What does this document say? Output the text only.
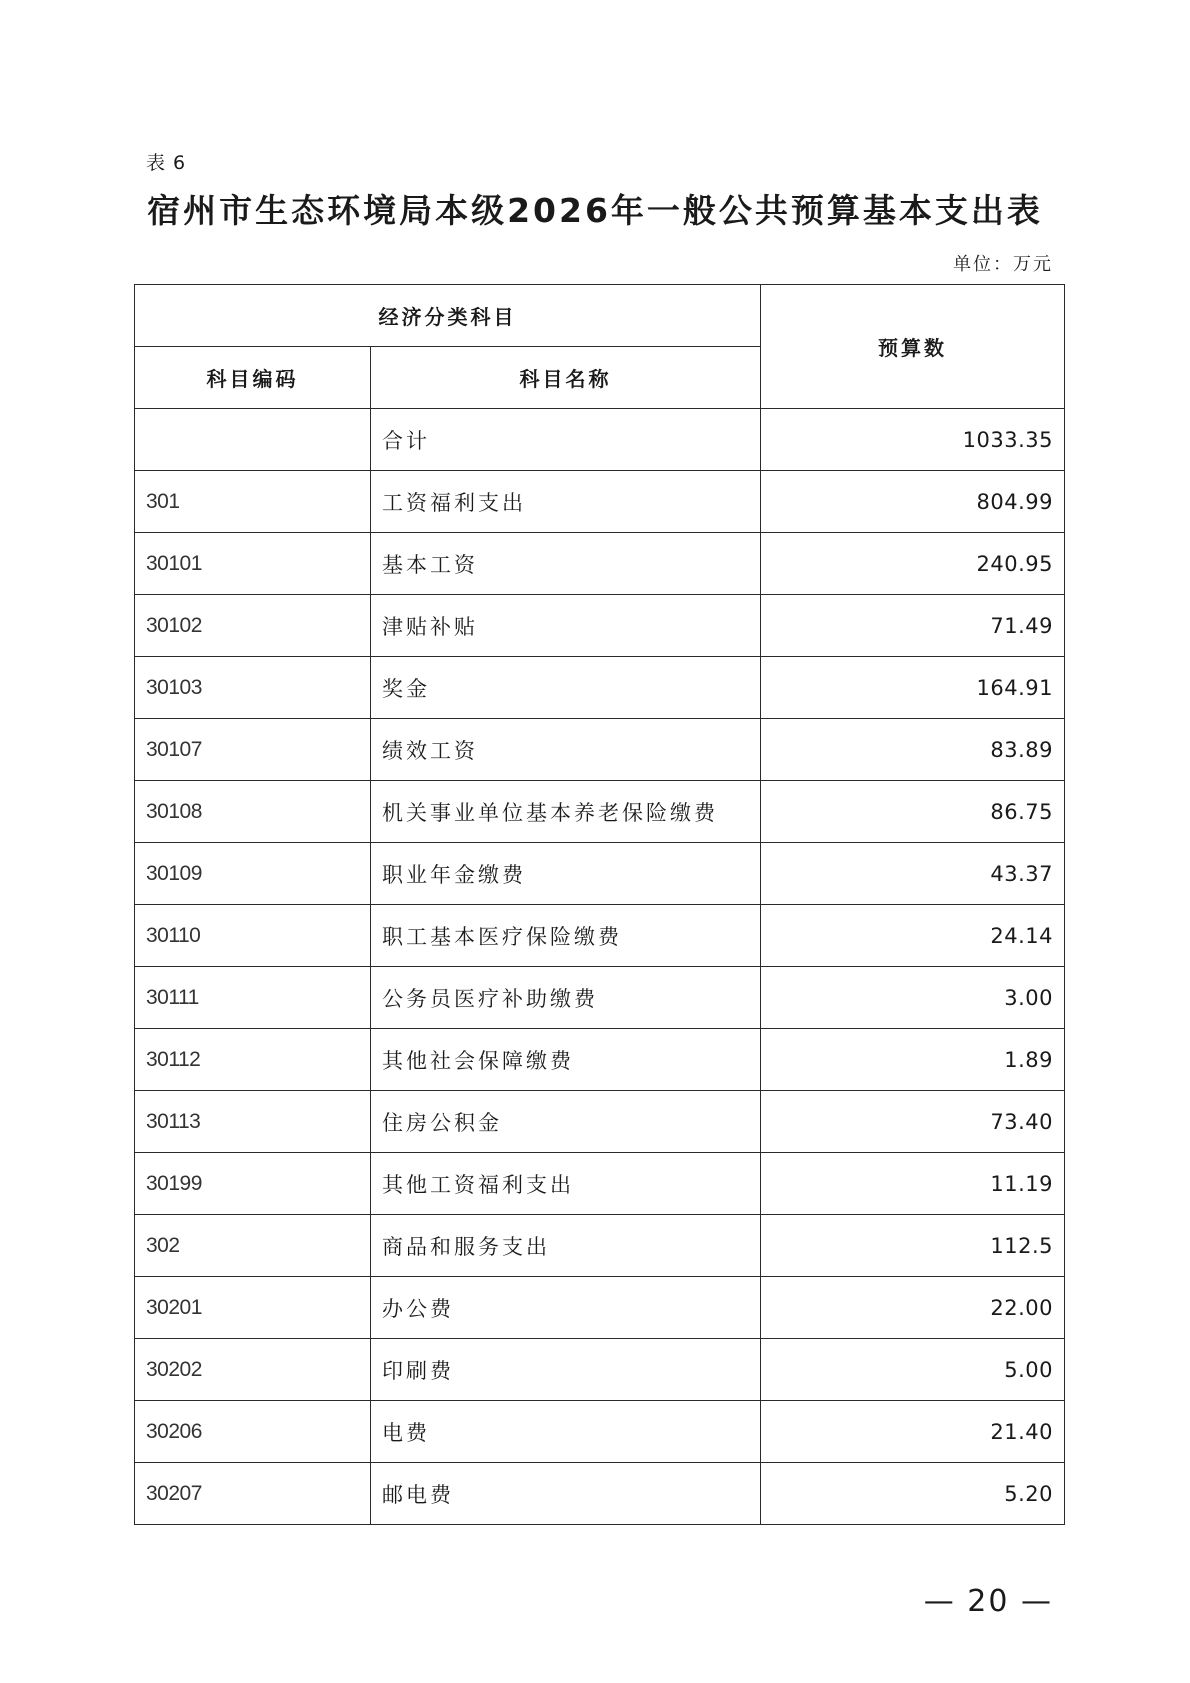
表 6
宿州市生态环境局本级2026年一般公共预算基本支出表
单位：万元
经济分类科目		预算数
科目编码	科目名称	
	合计	1033.35
301	工资福利支出	804.99
30101	基本工资	240.95
30102	津贴补贴	71.49
30103	奖金	164.91
30107	绩效工资	83.89
30108	机关事业单位基本养老保险缴费	86.75
30109	职业年金缴费	43.37
30110	职工基本医疗保险缴费	24.14
30111	公务员医疗补助缴费	3.00
30112	其他社会保障缴费	1.89
30113	住房公积金	73.40
30199	其他工资福利支出	11.19
302	商品和服务支出	112.5
30201	办公费	22.00
30202	印刷费	5.00
30206	电费	21.40
30207	邮电费	5.20
— 20 —
